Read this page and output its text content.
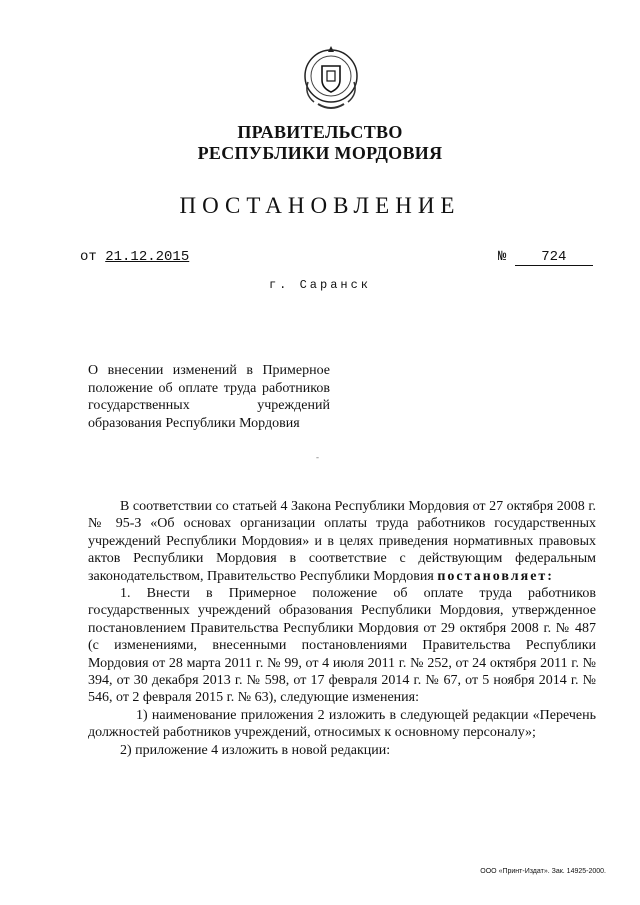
ПРАВИТЕЛЬСТВО
РЕСПУБЛИКИ МОРДОВИЯ
ПОСТАНОВЛЕНИЕ
от 21.12.2015	№ 724
г. Саранск
О внесении изменений в Примерное положение об оплате труда работников государственных учреждений образования Республики Мордовия
-

В соответствии со статьей 4 Закона Республики Мордовия от 27 октября 2008 г. № 95-З «Об основах организации оплаты труда работников государственных учреждений Республики Мордовия» и в целях приведения нормативных правовых актов Республики Мордовия в соответствие с действующим федеральным законодательством, Правительство Республики Мордовия постановляет:

1. Внести в Примерное положение об оплате труда работников государственных учреждений образования Республики Мордовия, утвержденное постановлением Правительства Республики Мордовия от 29 октября 2008 г. № 487 (с изменениями, внесенными постановлениями Правительства Республики Мордовия от 28 марта 2011 г. № 99, от 4 июля 2011 г. № 252, от 24 октября 2011 г. № 394, от 30 декабря 2013 г. № 598, от 17 февраля 2014 г. № 67, от 5 ноября 2014 г. № 546, от 2 февраля 2015 г. № 63), следующие изменения:

1) наименование приложения 2 изложить в следующей редакции «Перечень должностей работников учреждений, относимых к основному персоналу»;

2) приложение 4 изложить в новой редакции:

ООО «Принт-Издат». Зак. 14925-2000.
